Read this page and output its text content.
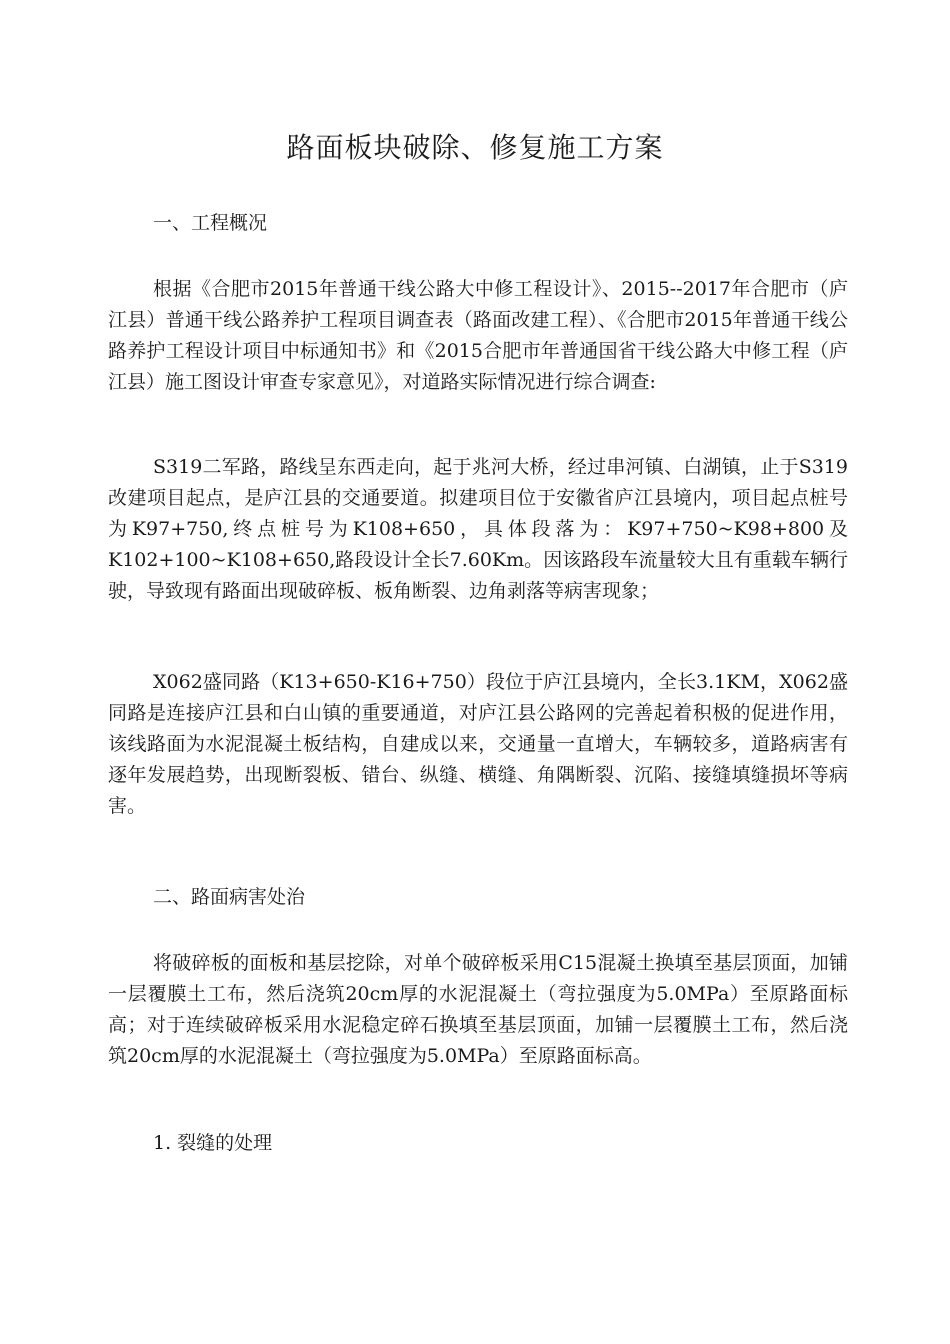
路面板块破除、修复施工方案

一、工程概况

根据《合肥市2015年普通干线公路大中修工程设计》、2015--2017年合肥市（庐江县）普通干线公路养护工程项目调查表（路面改建工程）、《合肥市2015年普通干线公路养护工程设计项目中标通知书》和《2015合肥市年普通国省干线公路大中修工程（庐江县）施工图设计审查专家意见》，对道路实际情况进行综合调查:

S319二军路，路线呈东西走向，起于兆河大桥，经过串河镇、白湖镇，止于S319改建项目起点，是庐江县的交通要道。拟建项目位于安徽省庐江县境内，项目起点桩号为K97+750,终点桩号为K108+650，具体段落为：K97+750~K98+800及K102+100~K108+650,路段设计全长7.60Km。因该路段车流量较大且有重载车辆行驶，导致现有路面出现破碎板、板角断裂、边角剥落等病害现象；

X062盛同路（K13+650-K16+750）段位于庐江县境内，全长3.1KM，X062盛同路是连接庐江县和白山镇的重要通道，对庐江县公路网的完善起着积极的促进作用，该线路面为水泥混凝土板结构，自建成以来，交通量一直增大，车辆较多，道路病害有逐年发展趋势，出现断裂板、错台、纵缝、横缝、角隅断裂、沉陷、接缝填缝损坏等病害。

二、路面病害处治

将破碎板的面板和基层挖除，对单个破碎板采用C15混凝土换填至基层顶面，加铺一层覆膜土工布，然后浇筑20cm厚的水泥混凝土（弯拉强度为5.0MPa）至原路面标高；对于连续破碎板采用水泥稳定碎石换填至基层顶面，加铺一层覆膜土工布，然后浇筑20cm厚的水泥混凝土（弯拉强度为5.0MPa）至原路面标高。

1. 裂缝的处理
